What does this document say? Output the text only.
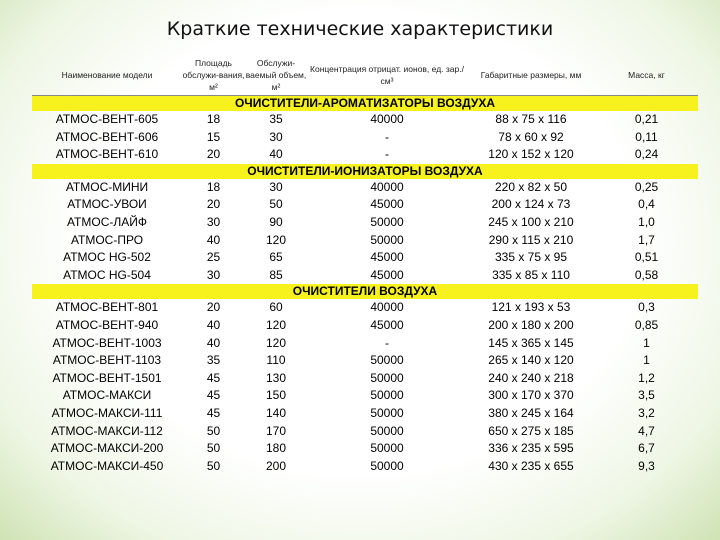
Краткие технические характеристики
Наименование модели	Площадь обслужи-вания, м²	Обслужи-ваемый объем, м²	Концентрация отрицат. ионов, ед. зар./ см³	Габаритные размеры, мм	Масса, кг
ОЧИСТИТЕЛИ-АРОМАТИЗАТОРЫ ВОЗДУХА					
АТМОС-ВЕНТ-605	18	35	40000	88 x 75 x 116	0,21
АТМОС-ВЕНТ-606	15	30	-	78 x 60 x 92	0,11
АТМОС-ВЕНТ-610	20	40	-	120 x 152 x 120	0,24
ОЧИСТИТЕЛИ-ИОНИЗАТОРЫ ВОЗДУХА					
АТМОС-МИНИ	18	30	40000	220 x 82 x 50	0,25
АТМОС-УВОИ	20	50	45000	200 x 124 x 73	0,4
АТМОС-ЛАЙФ	30	90	50000	245 x 100 x 210	1,0
АТМОС-ПРО	40	120	50000	290 x 115 x 210	1,7
АТМОС HG-502	25	65	45000	335 x 75 x 95	0,51
АТМОС HG-504	30	85	45000	335 x 85 x 110	0,58
ОЧИСТИТЕЛИ ВОЗДУХА					
АТМОС-ВЕНТ-801	20	60	40000	121 x 193 x 53	0,3
АТМОС-ВЕНТ-940	40	120	45000	200 x 180 x 200	0,85
АТМОС-ВЕНТ-1003	40	120	-	145 x 365 x 145	1
АТМОС-ВЕНТ-1103	35	110	50000	265 x 140 x 120	1
АТМОС-ВЕНТ-1501	45	130	50000	240 x 240 x 218	1,2
АТМОС-МАКСИ	45	150	50000	300 x 170 x 370	3,5
АТМОС-МАКСИ-111	45	140	50000	380 x 245 x 164	3,2
АТМОС-МАКСИ-112	50	170	50000	650 x 275 x 185	4,7
АТМОС-МАКСИ-200	50	180	50000	336 x 235 x 595	6,7
АТМОС-МАКСИ-450	50	200	50000	430 x 235 x 655	9,3
